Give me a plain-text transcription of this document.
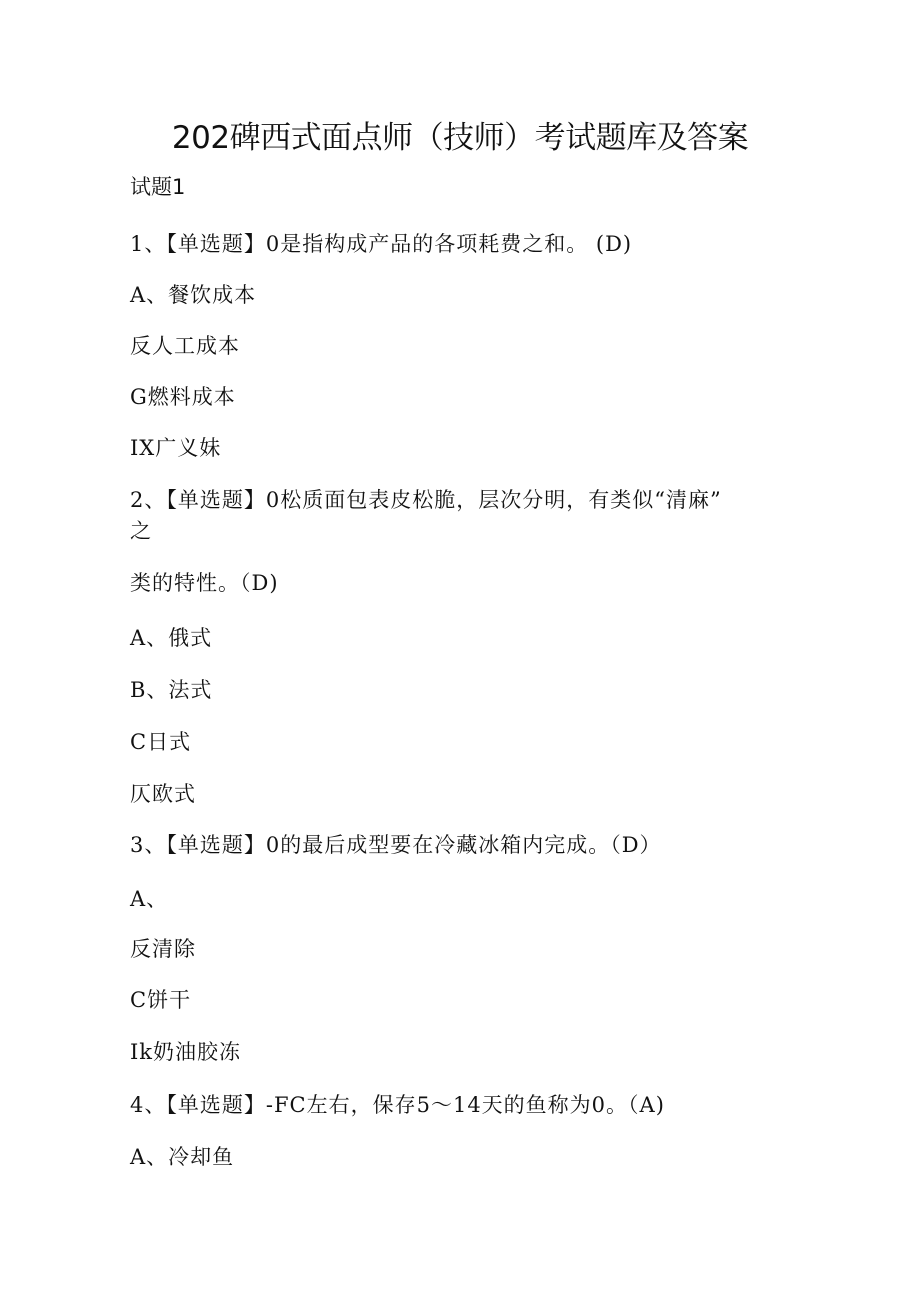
202碑西式面点师（技师）考试题库及答案
试题1
1、【单选题】0是指构成产品的各项耗费之和。 (D)
A、餐饮成本
反人工成本
G燃料成本
IX广义妹
2、【单选题】0松质面包表皮松脆，层次分明，有类似“清麻”
之
类的特性。（D)
A、俄式
B、法式
C日式
仄欧式
3、【单选题】0的最后成型要在冷藏冰箱内完成。（D）
A、
反清除
C饼干
Ik奶油胶冻
4、【单选题】-FC左右，保存5〜14天的鱼称为0。（A)
A、冷却鱼
